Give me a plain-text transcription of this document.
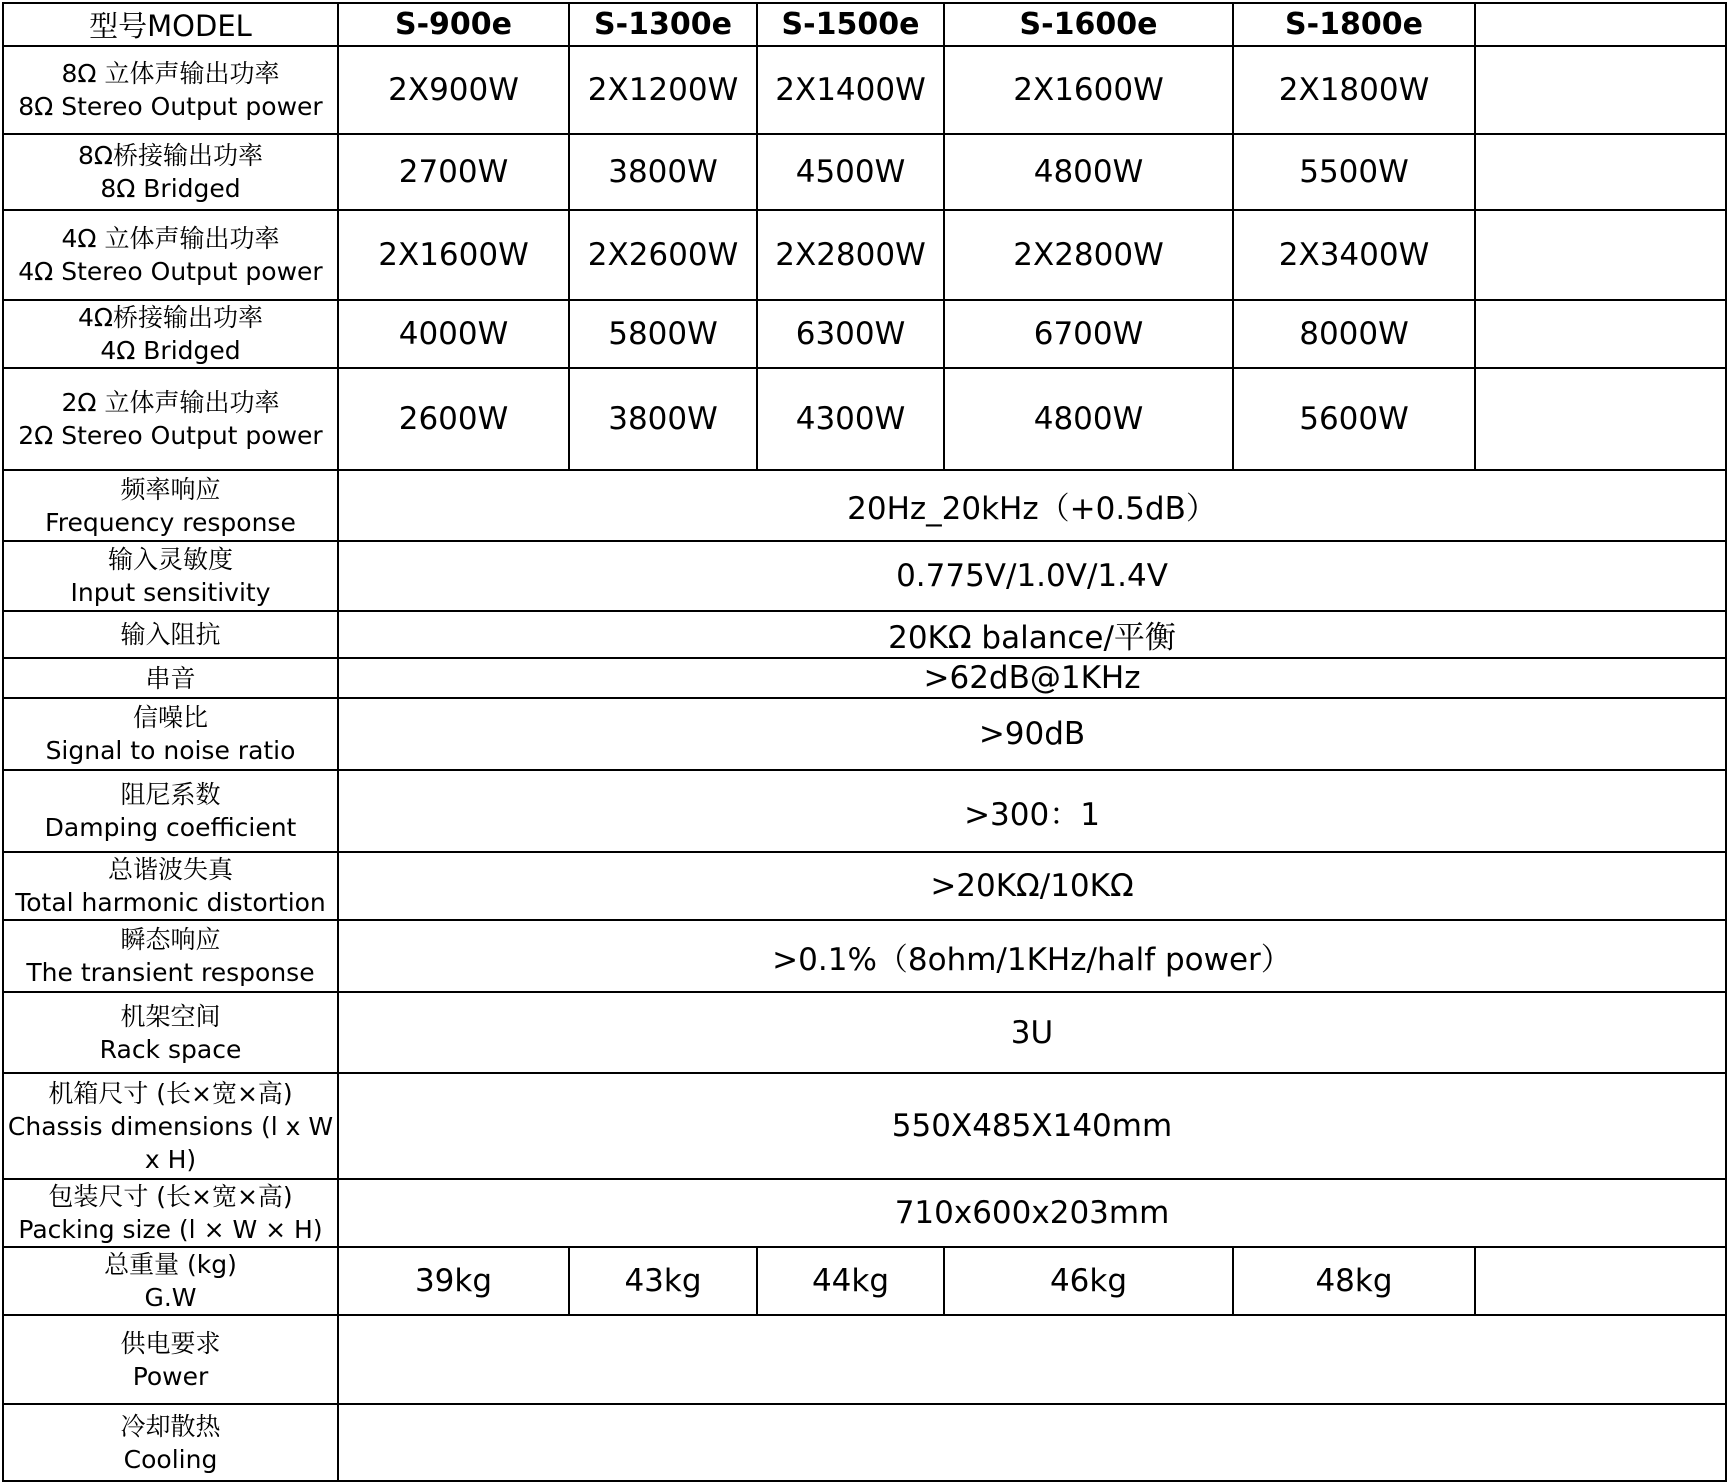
型号MODEL	S-900e	S-1300e	S-1500e	S-1600e	S-1800e	

8Ω 立体声输出功率
8Ω Stereo Output power	2X900W	2X1200W	2X1400W	2X1600W	2X1800W	

8Ω桥接输出功率
8Ω Bridged	2700W	3800W	4500W	4800W	5500W	

4Ω 立体声输出功率
4Ω Stereo Output power	2X1600W	2X2600W	2X2800W	2X2800W	2X3400W	

4Ω桥接输出功率
4Ω Bridged	4000W	5800W	6300W	6700W	8000W	

2Ω 立体声输出功率
2Ω Stereo Output power	2600W	3800W	4300W	4800W	5600W	

频率响应
Frequency response	20Hz_20kHz（+0.5dB）					

输入灵敏度
Input sensitivity	0.775V/1.0V/1.4V					

输入阻抗	20KΩ balance/平衡					

串音	>62dB@1KHz					

信噪比
Signal to noise ratio	>90dB					

阻尼系数
Damping coefficient	>300：1					

总谐波失真
Total harmonic distortion	>20KΩ/10KΩ					

瞬态响应
The transient response	>0.1%（8ohm/1KHz/half power）					

机架空间
Rack space	3U					

机箱尺寸 (长×宽×高)
Chassis dimensions (l x W x H)	550X485X140mm					

包装尺寸 (长×宽×高)
Packing size (l × W × H)	710x600x203mm					

总重量 (kg)
G.W	39kg	43kg	44kg	46kg	48kg	

供电要求
Power						

冷却散热
Cooling						
